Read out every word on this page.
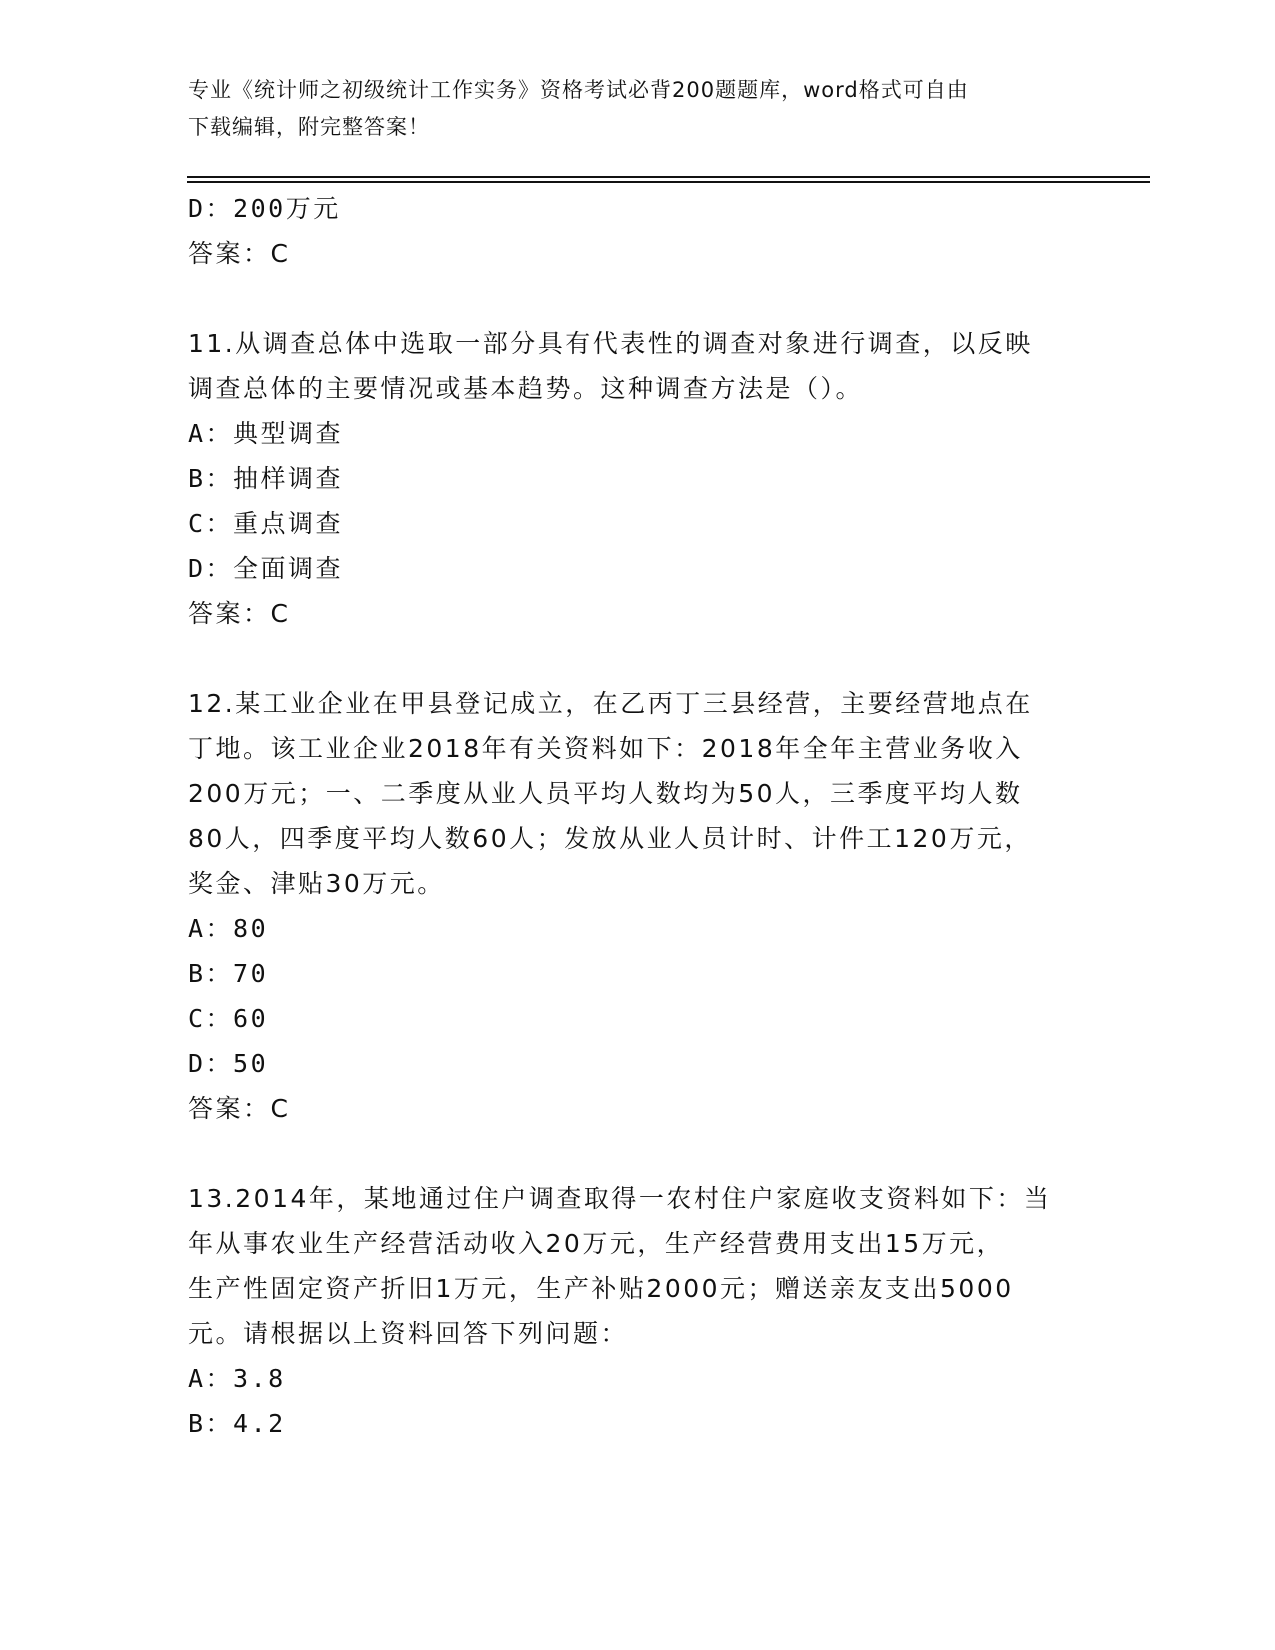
专业《统计师之初级统计工作实务》资格考试必背200题题库，word格式可自由
下载编辑，附完整答案！
D：200万元
答案：C
11.从调查总体中选取一部分具有代表性的调查对象进行调查，以反映
调查总体的主要情况或基本趋势。这种调查方法是（）。
A：典型调查
B：抽样调查
C：重点调查
D：全面调查
答案：C
12.某工业企业在甲县登记成立，在乙丙丁三县经营，主要经营地点在
丁地。该工业企业2018年有关资料如下：2018年全年主营业务收入
200万元；一、二季度从业人员平均人数均为50人，三季度平均人数
80人，四季度平均人数60人；发放从业人员计时、计件工120万元，
奖金、津贴30万元。
A：80
B：70
C：60
D：50
答案：C
13.2014年，某地通过住户调查取得一农村住户家庭收支资料如下：当
年从事农业生产经营活动收入20万元，生产经营费用支出15万元，
生产性固定资产折旧1万元，生产补贴2000元；赠送亲友支出5000
元。请根据以上资料回答下列问题：
A：3.8
B：4.2
